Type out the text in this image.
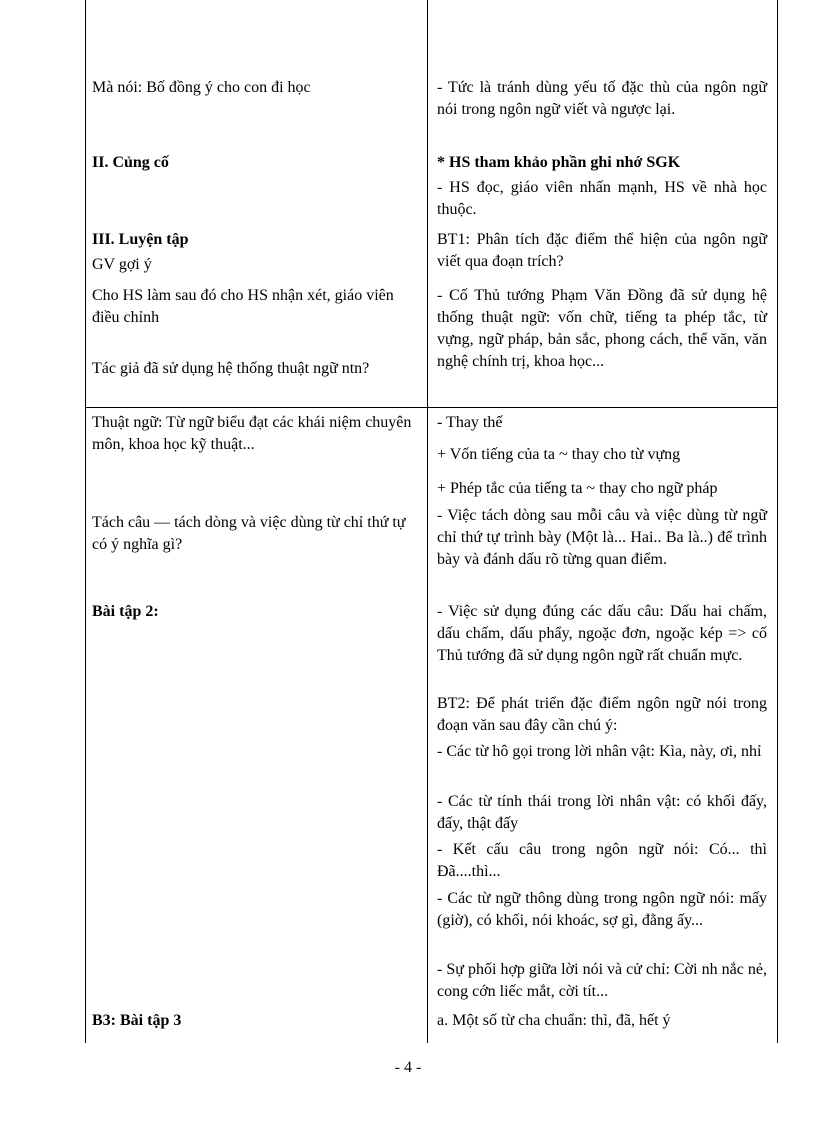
Mà nói: Bố đồng ý cho con đi học
II. Củng cố
III. Luyện tập
GV gợi ý
Cho HS làm sau đó cho HS nhận xét, giáo viên điều chỉnh
Tác giả đã sử dụng hệ thống thuật ngữ ntn?
Thuật ngữ: Từ ngữ biểu đạt các khái niệm chuyên môn, khoa học kỹ thuật...
Tách câu — tách dòng và việc dùng từ chỉ thứ tự có ý nghĩa gì?
Bài tập 2:
B3: Bài tập 3
- Tức là tránh dùng yếu tố đặc thù của ngôn ngữ nói trong ngôn ngữ viết và ngược lại.
* HS tham khảo phần ghi nhớ SGK
- HS đọc, giáo viên nhấn mạnh, HS về nhà học thuộc.
BT1: Phân tích đặc điểm thể hiện của ngôn ngữ viết qua đoạn trích?
- Cố Thủ tướng Phạm Văn Đồng đã sử dụng hệ thống thuật ngữ: vốn chữ, tiếng ta phép tắc, từ vựng, ngữ pháp, bản sắc, phong cách, thể văn, văn nghệ chính trị, khoa học...
- Thay thế
+ Vốn tiếng của ta ~ thay cho từ vựng
+ Phép tắc của tiếng ta ~ thay cho ngữ pháp
- Việc tách dòng sau mỗi câu và việc dùng từ ngữ chỉ thứ tự trình bày (Một là... Hai.. Ba là..) để trình bày và đánh dấu rõ từng quan điểm.
- Việc sử dụng đúng các dấu câu: Dấu hai chấm, dấu chấm, dấu phẩy, ngoặc đơn, ngoặc kép => cố Thủ tướng đã sử dụng ngôn ngữ rất chuẩn mực.
BT2: Để phát triển đặc điểm ngôn ngữ nói trong đoạn văn sau đây cần chú ý:
- Các từ hô gọi trong lời nhân vật: Kìa, này, ơi, nhỉ
- Các từ tính thái trong lời nhân vật: có khối đấy, đấy, thật đấy
- Kết cấu câu trong ngôn ngữ nói: Có... thì Đã....thì...
- Các từ ngữ thông dùng trong ngôn ngữ nói: mấy (giờ), có khối, nói khoác, sợ gì, đằng ấy...
- Sự phối hợp giữa lời nói và cử chỉ: Cời nh nắc nẻ, cong cớn liếc mắt, cời tít...
a. Một số từ cha chuẩn: thì, đã, hết ý
- 4 -
